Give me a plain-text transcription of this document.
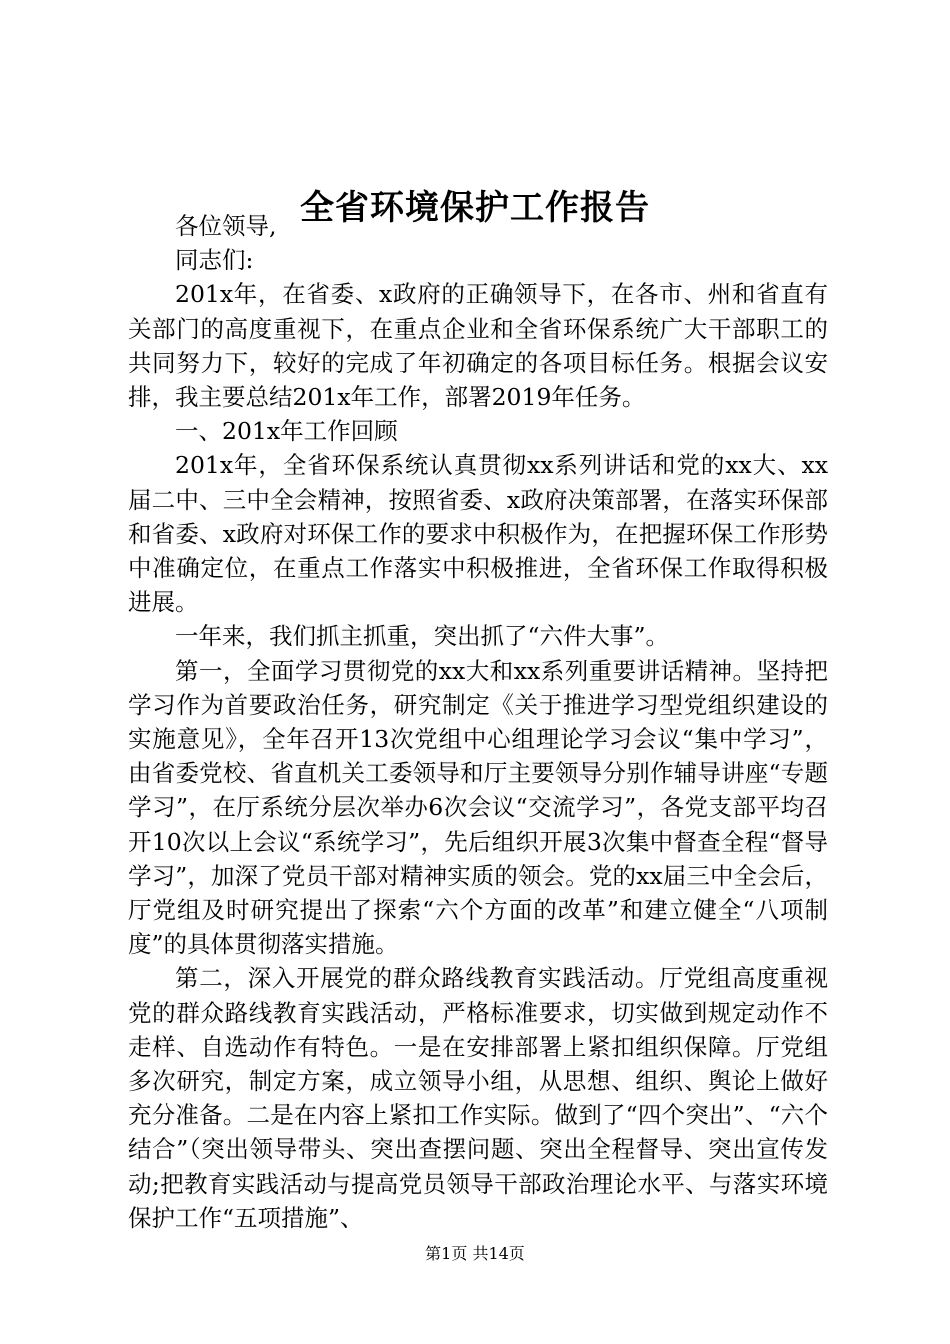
全省环境保护工作报告

各位领导,

同志们:

201x年，在省委、x政府的正确领导下，在各市、州和省直有关部门的高度重视下，在重点企业和全省环保系统广大干部职工的共同努力下，较好的完成了年初确定的各项目标任务。根据会议安排，我主要总结201x年工作，部署2019年任务。

一、201x年工作回顾

201x年，全省环保系统认真贯彻xx系列讲话和党的xx大、xx届二中、三中全会精神，按照省委、x政府决策部署，在落实环保部和省委、x政府对环保工作的要求中积极作为，在把握环保工作形势中准确定位，在重点工作落实中积极推进，全省环保工作取得积极进展。

一年来，我们抓主抓重，突出抓了“六件大事”。

第一，全面学习贯彻党的xx大和xx系列重要讲话精神。坚持把学习作为首要政治任务，研究制定《关于推进学习型党组织建设的实施意见》，全年召开13次党组中心组理论学习会议“集中学习”，由省委党校、省直机关工委领导和厅主要领导分别作辅导讲座“专题学习”，在厅系统分层次举办6次会议“交流学习”，各党支部平均召开10次以上会议“系统学习”，先后组织开展3次集中督查全程“督导学习”，加深了党员干部对精神实质的领会。党的xx届三中全会后，厅党组及时研究提出了探索“六个方面的改革”和建立健全“八项制度”的具体贯彻落实措施。

第二，深入开展党的群众路线教育实践活动。厅党组高度重视党的群众路线教育实践活动，严格标准要求，切实做到规定动作不走样、自选动作有特色。一是在安排部署上紧扣组织保障。厅党组多次研究，制定方案，成立领导小组，从思想、组织、舆论上做好充分准备。二是在内容上紧扣工作实际。做到了“四个突出”、“六个结合”（突出领导带头、突出查摆问题、突出全程督导、突出宣传发动;把教育实践活动与提高党员领导干部政治理论水平、与落实环境保护工作“五项措施”、

第1页 共14页
